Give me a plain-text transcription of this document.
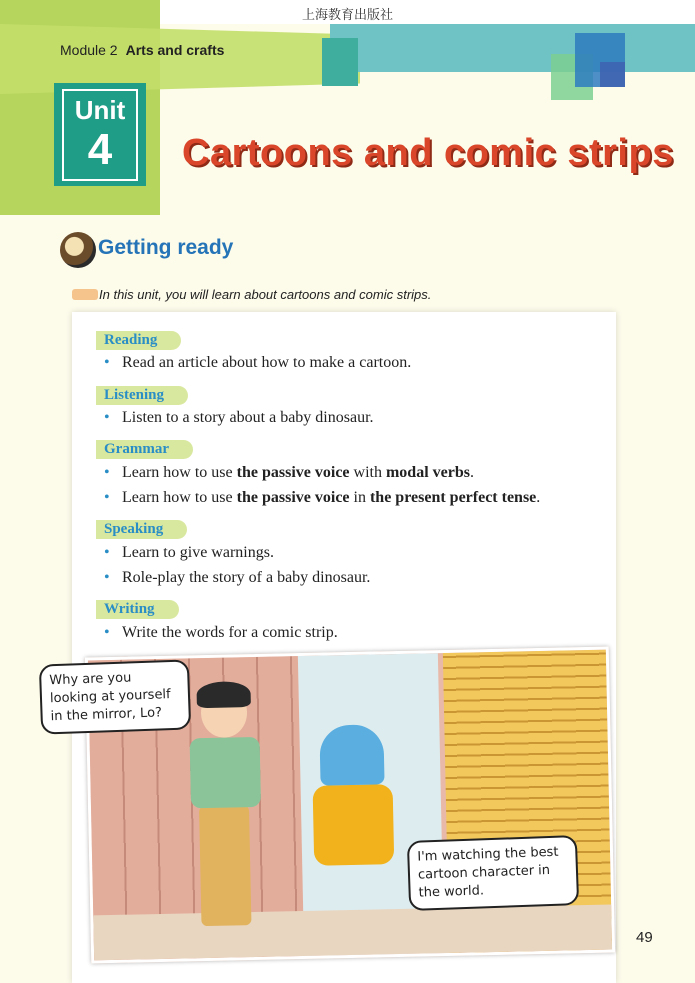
上海教育出版社
Module 2 Arts and crafts
Unit
4	Cartoons and comic strips
Getting ready
In this unit, you will learn about cartoons and comic strips.
Reading
Read an article about how to make a cartoon.
Listening
Listen to a story about a baby dinosaur.
Grammar
Learn how to use the passive voice with modal verbs.
Learn how to use the passive voice in the present perfect tense.
Speaking
Learn to give warnings.
Role-play the story of a baby dinosaur.
Writing
Write the words for a comic strip.
Why are you looking at yourself in the mirror, Lo?
I'm watching the best cartoon character in the world.
49
